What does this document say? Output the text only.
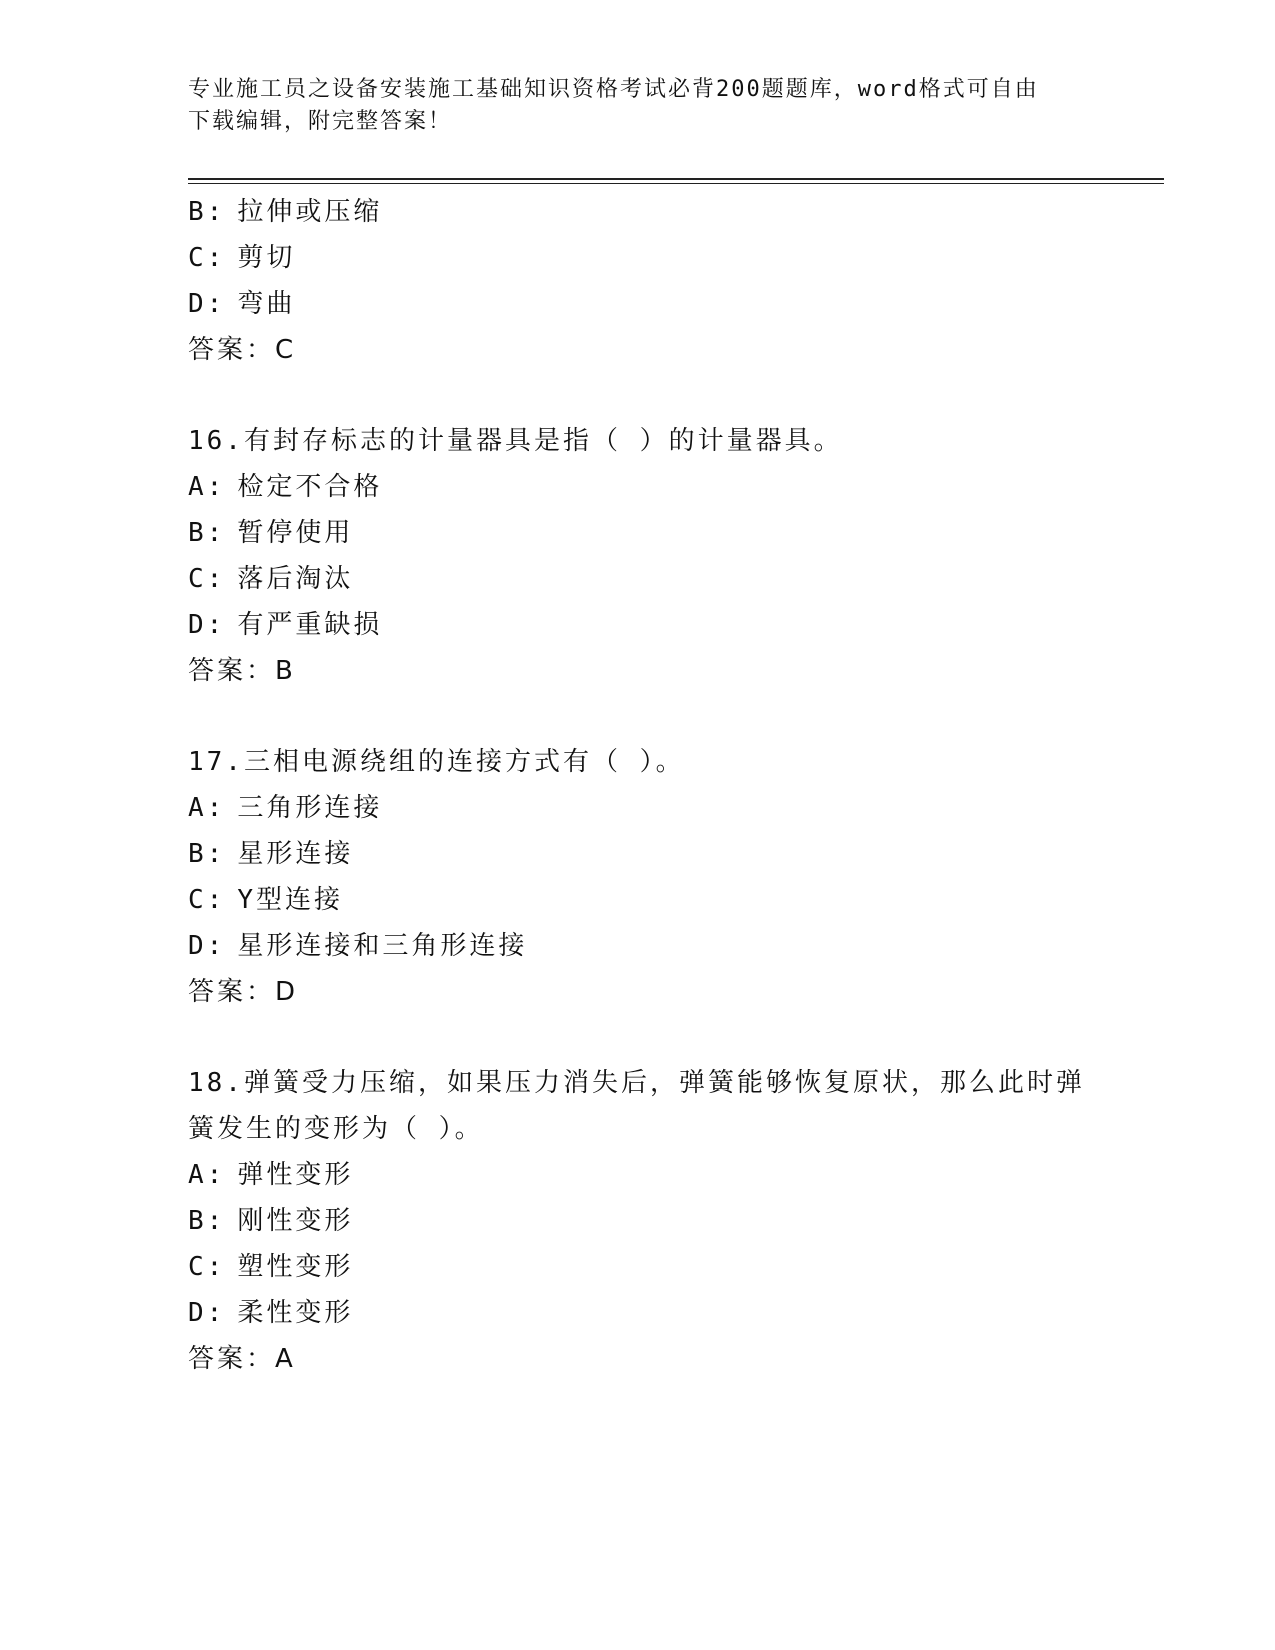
专业施工员之设备安装施工基础知识资格考试必背200题题库，word格式可自由
下载编辑，附完整答案！
B: 拉伸或压缩
C: 剪切
D: 弯曲
答案：C
16.有封存标志的计量器具是指（ ）的计量器具。
A: 检定不合格
B: 暂停使用
C: 落后淘汰
D: 有严重缺损
答案：B
17.三相电源绕组的连接方式有（ ）。
A: 三角形连接
B: 星形连接
C: Y型连接
D: 星形连接和三角形连接
答案：D
18.弹簧受力压缩，如果压力消失后，弹簧能够恢复原状，那么此时弹
簧发生的变形为（ ）。
A: 弹性变形
B: 刚性变形
C: 塑性变形
D: 柔性变形
答案：A
